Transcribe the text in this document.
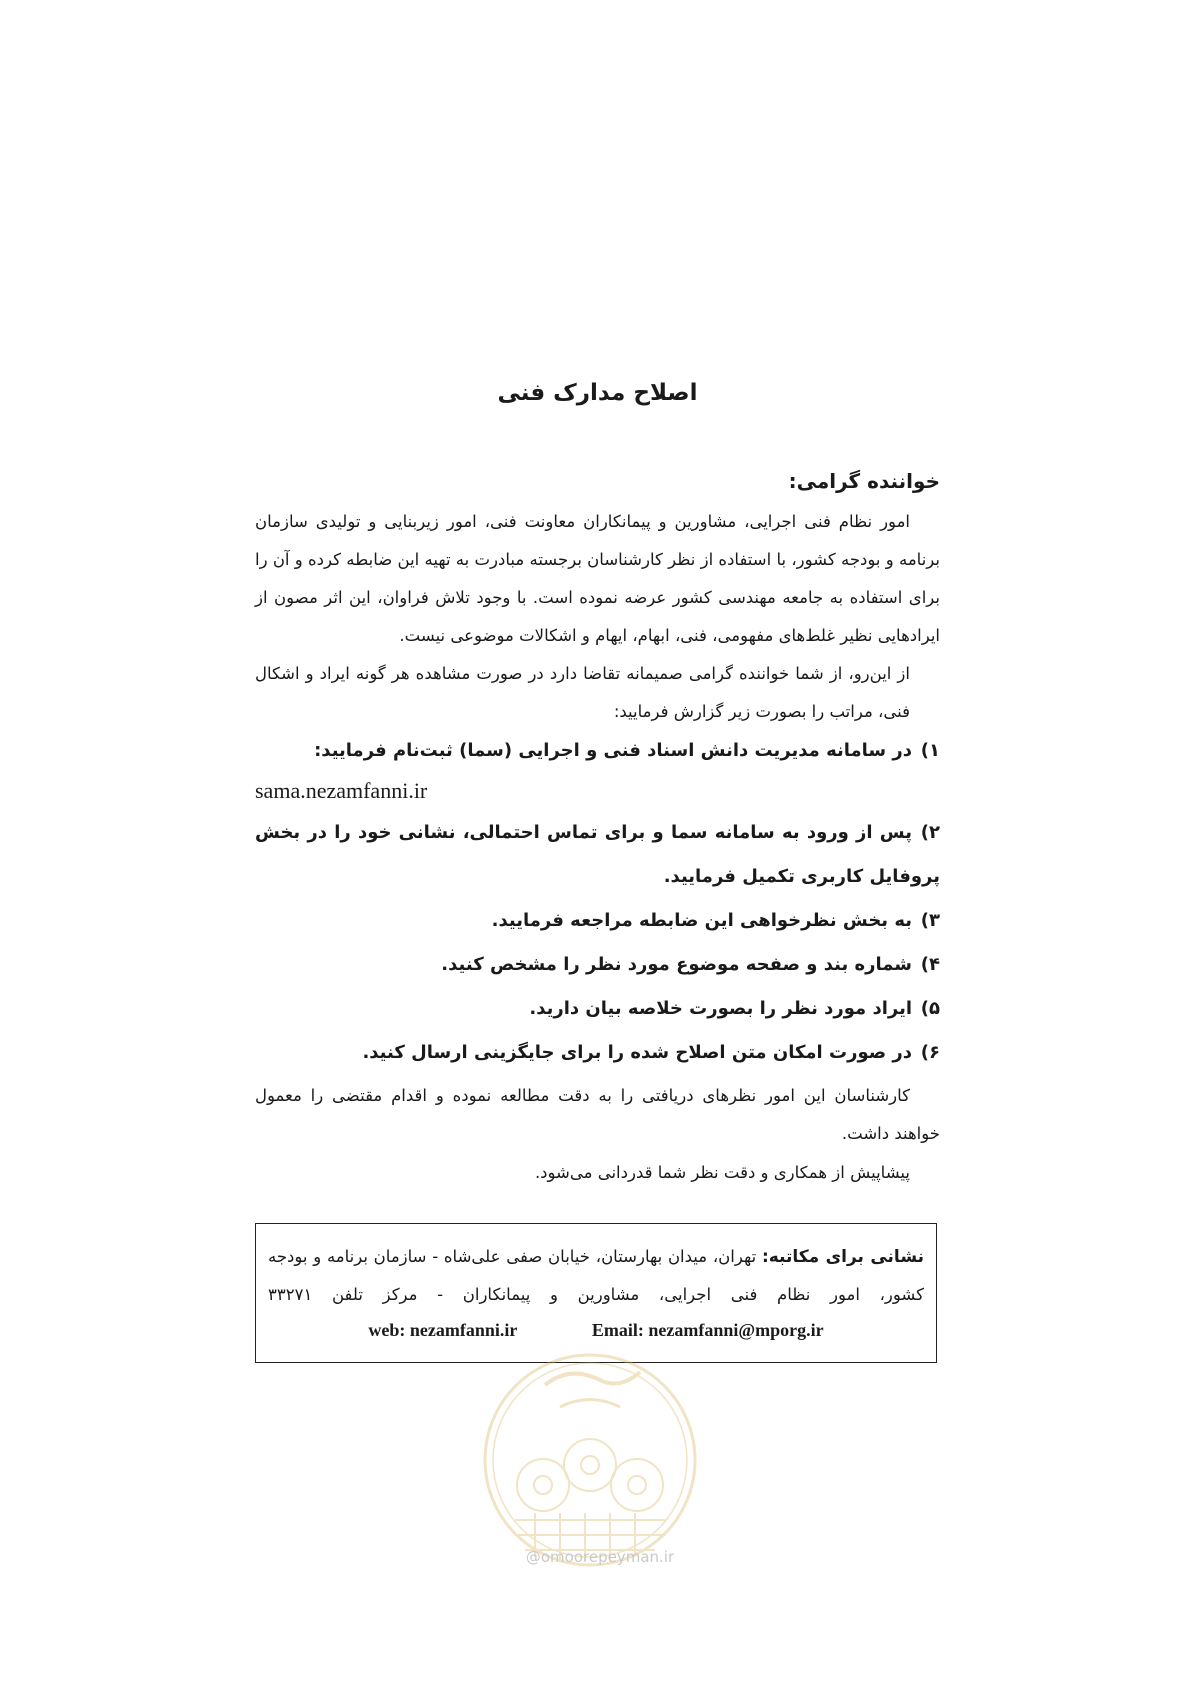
اصلاح مدارک فنی
خواننده گرامی:

امور نظام فنی اجرایی، مشاورین و پیمانکاران معاونت فنی، امور زیربنایی و تولیدی سازمان برنامه و بودجه کشور، با استفاده از نظر کارشناسان برجسته مبادرت به تهیه این ضابطه کرده و آن را برای استفاده به جامعه مهندسی کشور عرضه نموده است. با وجود تلاش فراوان، این اثر مصون از ایرادهایی نظیر غلط‌های مفهومی، فنی، ابهام، ایهام و اشکالات موضوعی نیست.

از این‌رو، از شما خواننده گرامی صمیمانه تقاضا دارد در صورت مشاهده هر گونه ایراد و اشکال فنی، مراتب را بصورت زیر گزارش فرمایید:

۱)در سامانه مدیریت دانش اسناد فنی و اجرایی (سما) ثبت‌نام فرمایید:

sama.nezamfanni.ir

۲)پس از ورود به سامانه سما و برای تماس احتمالی، نشانی خود را در بخش پروفایل کاربری تکمیل فرمایید.

۳)به بخش نظرخواهی این ضابطه مراجعه فرمایید.

۴)شماره بند و صفحه موضوع مورد نظر را مشخص کنید.

۵)ایراد مورد نظر را بصورت خلاصه بیان دارید.

۶)در صورت امکان متن اصلاح شده را برای جایگزینی ارسال کنید.

کارشناسان این امور نظرهای دریافتی را به دقت مطالعه نموده و اقدام مقتضی را معمول خواهند داشت.

پیشاپیش از همکاری و دقت نظر شما قدردانی می‌شود.

نشانی برای مکاتبه: تهران، میدان بهارستان، خیابان صفی علی‌شاه - سازمان برنامه و بودجه کشور، امور نظام فنی اجرایی، مشاورین و پیمانکاران - مرکز تلفن ۳۳۲۷۱
web: nezamfanni.ir	Email: nezamfanni@mporg.ir
@omoorepeyman.ir
